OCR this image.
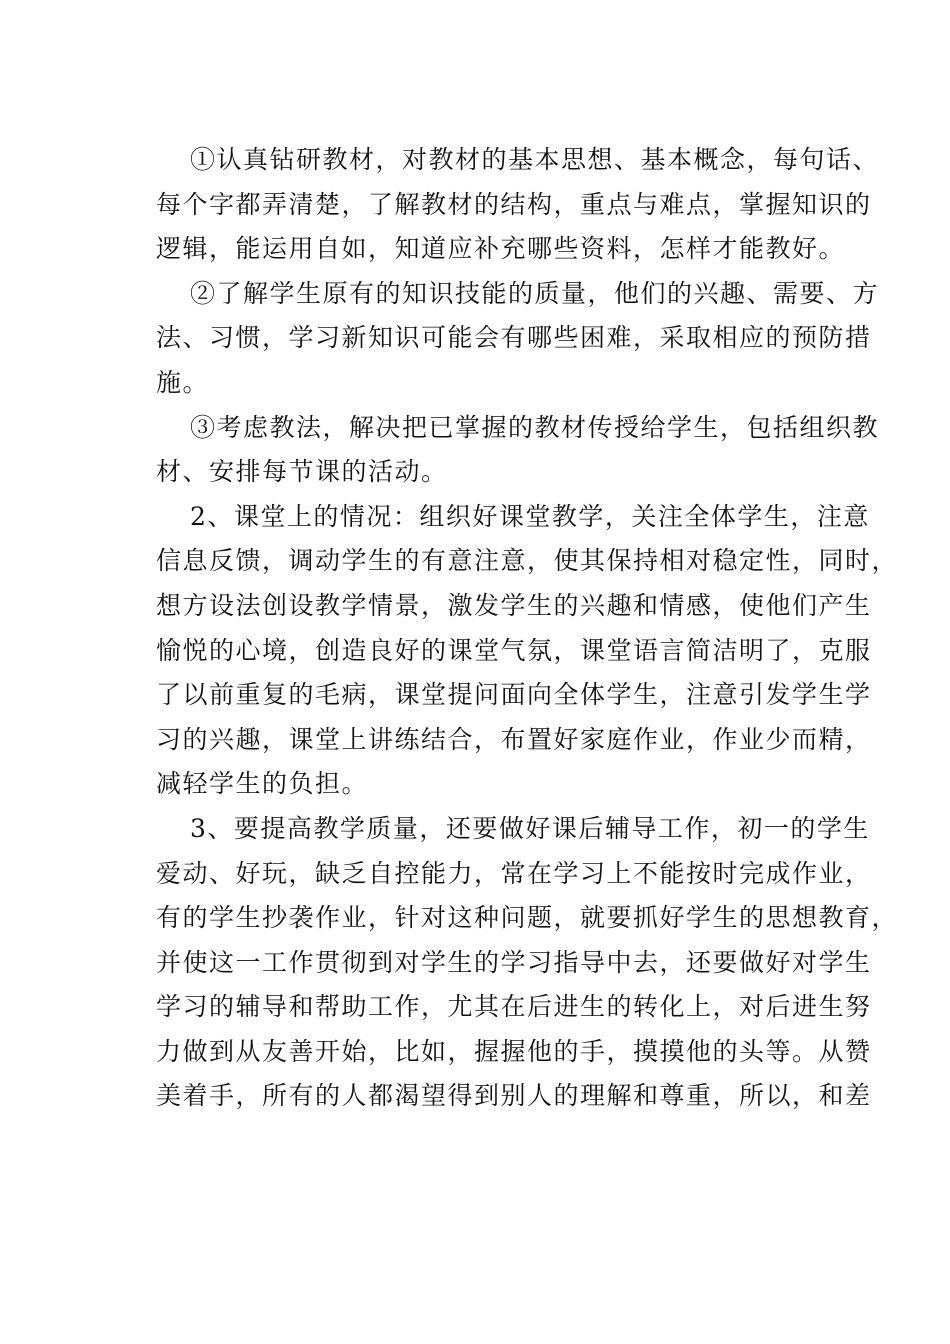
①认真钻研教材，对教材的基本思想、基本概念，每句话、
每个字都弄清楚，了解教材的结构，重点与难点，掌握知识的
逻辑，能运用自如，知道应补充哪些资料，怎样才能教好。
②了解学生原有的知识技能的质量，他们的兴趣、需要、方
法、习惯，学习新知识可能会有哪些困难，采取相应的预防措
施。
③考虑教法，解决把已掌握的教材传授给学生，包括组织教
材、安排每节课的活动。
2、课堂上的情况：组织好课堂教学，关注全体学生，注意
信息反馈，调动学生的有意注意，使其保持相对稳定性，同时，
想方设法创设教学情景，激发学生的兴趣和情感，使他们产生
愉悦的心境，创造良好的课堂气氛，课堂语言简洁明了，克服
了以前重复的毛病，课堂提问面向全体学生，注意引发学生学
习的兴趣，课堂上讲练结合，布置好家庭作业，作业少而精，
减轻学生的负担。
3、要提高教学质量，还要做好课后辅导工作，初一的学生
爱动、好玩，缺乏自控能力，常在学习上不能按时完成作业，
有的学生抄袭作业，针对这种问题，就要抓好学生的思想教育，
并使这一工作贯彻到对学生的学习指导中去，还要做好对学生
学习的辅导和帮助工作，尤其在后进生的转化上，对后进生努
力做到从友善开始，比如，握握他的手，摸摸他的头等。从赞
美着手，所有的人都渴望得到别人的理解和尊重，所以，和差
